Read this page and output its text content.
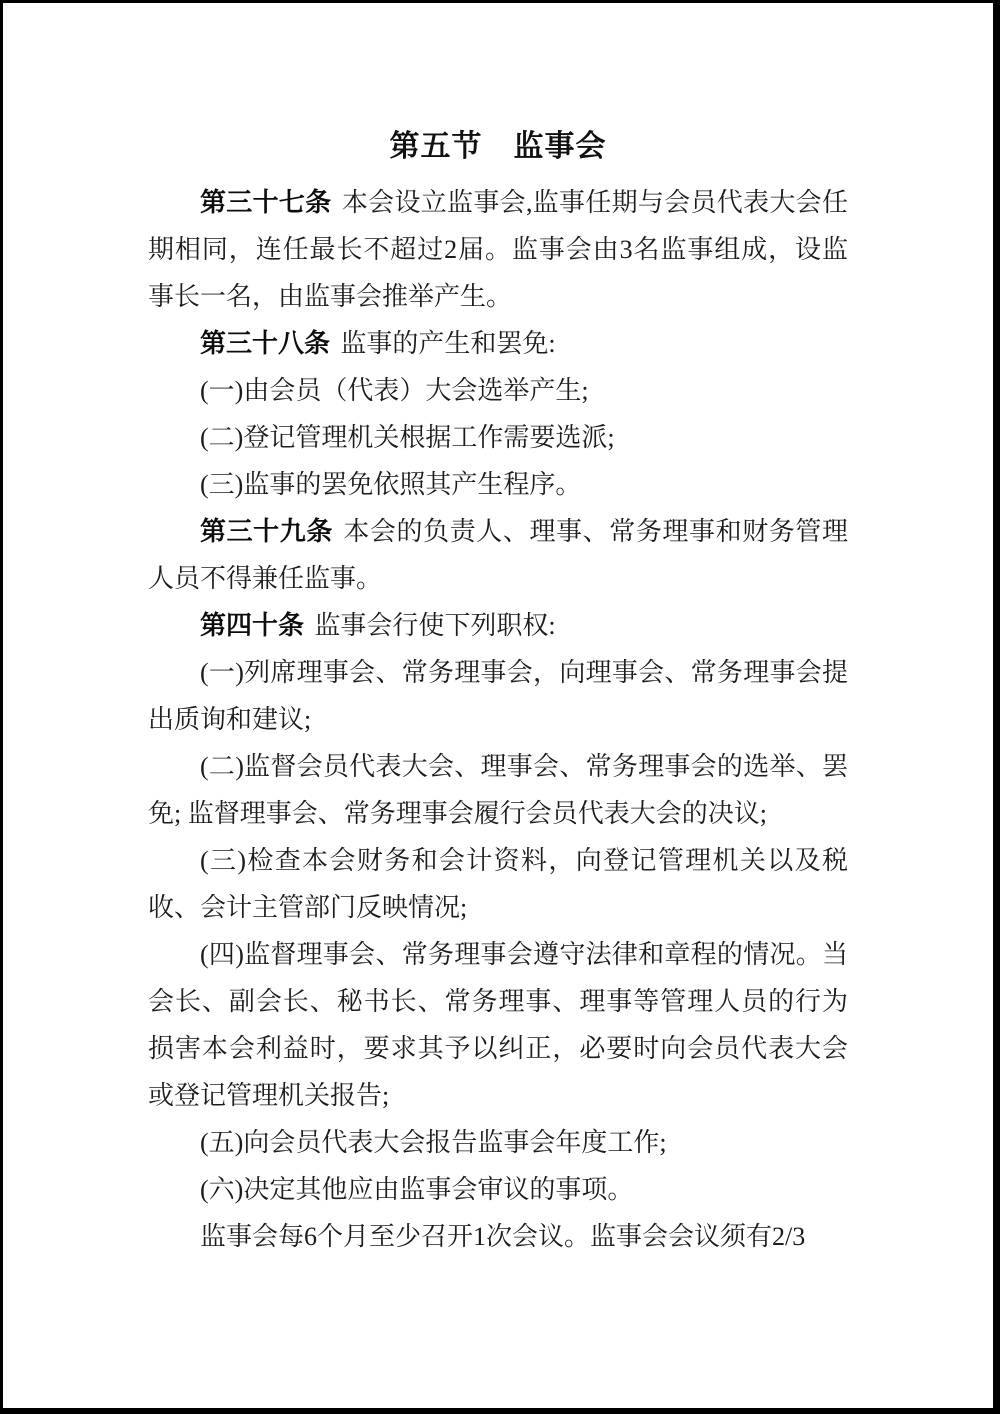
第五节　监事会

第三十七条 本会设立监事会,监事任期与会员代表大会任期相同，连任最长不超过2届。监事会由3名监事组成，设监事长一名，由监事会推举产生。

第三十八条 监事的产生和罢免:

(一)由会员（代表）大会选举产生;

(二)登记管理机关根据工作需要选派;

(三)监事的罢免依照其产生程序。

第三十九条 本会的负责人、理事、常务理事和财务管理人员不得兼任监事。

第四十条 监事会行使下列职权:

(一)列席理事会、常务理事会，向理事会、常务理事会提出质询和建议;

(二)监督会员代表大会、理事会、常务理事会的选举、罢免; 监督理事会、常务理事会履行会员代表大会的决议;

(三)检查本会财务和会计资料，向登记管理机关以及税收、会计主管部门反映情况;

(四)监督理事会、常务理事会遵守法律和章程的情况。当会长、副会长、秘书长、常务理事、理事等管理人员的行为损害本会利益时，要求其予以纠正，必要时向会员代表大会或登记管理机关报告;

(五)向会员代表大会报告监事会年度工作;

(六)决定其他应由监事会审议的事项。

监事会每6个月至少召开1次会议。监事会会议须有2/3
